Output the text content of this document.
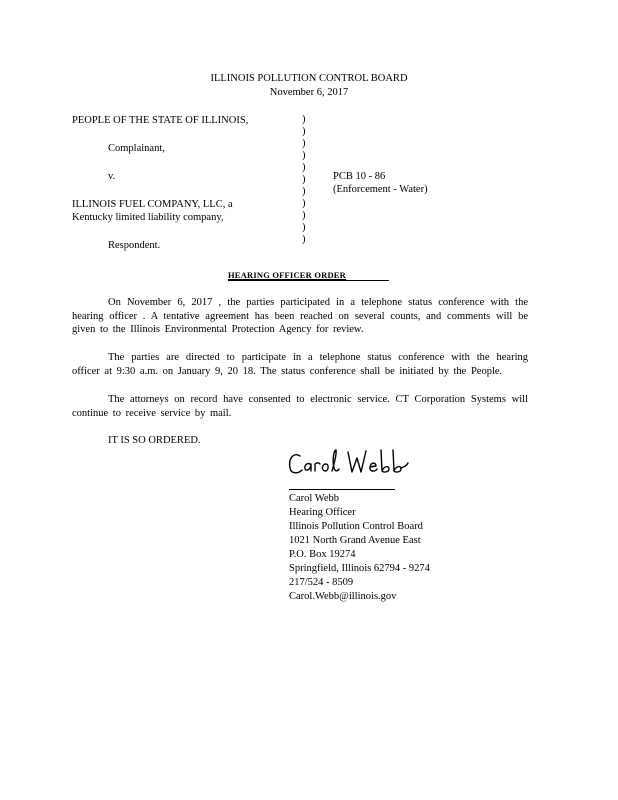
ILLINOIS POLLUTION CONTROL BOARD
November 6, 2017
PEOPLE OF THE STATE OF ILLINOIS,
Complainant,
v.
ILLINOIS FUEL COMPANY, LLC, a
Kentucky limited liability company,
Respondent.
)
)
)
)
)
)
)
)
)
)
)
PCB 10 - 86
(Enforcement - Water)
HEARING OFFICER ORDER
On November 6, 2017 , the parties participated in a telephone status conference with the hearing officer . A tentative agreement has been reached on several counts, and comments will be given to the Illinois Environmental Protection Agency for review.
The parties are directed to participate in a telephone status conference with the hearing officer at 9:30 a.m. on January 9, 20 18. The status conference shall be initiated by the People.
The attorneys on record have consented to electronic service. CT Corporation Systems will continue to receive service by mail.
IT IS SO ORDERED.
Carol Webb
Hearing Officer
Illinois Pollution Control Board
1021 North Grand Avenue East
P.O. Box 19274
Springfield, Illinois 62794 - 9274
217/524 - 8509
Carol.Webb@illinois.gov
